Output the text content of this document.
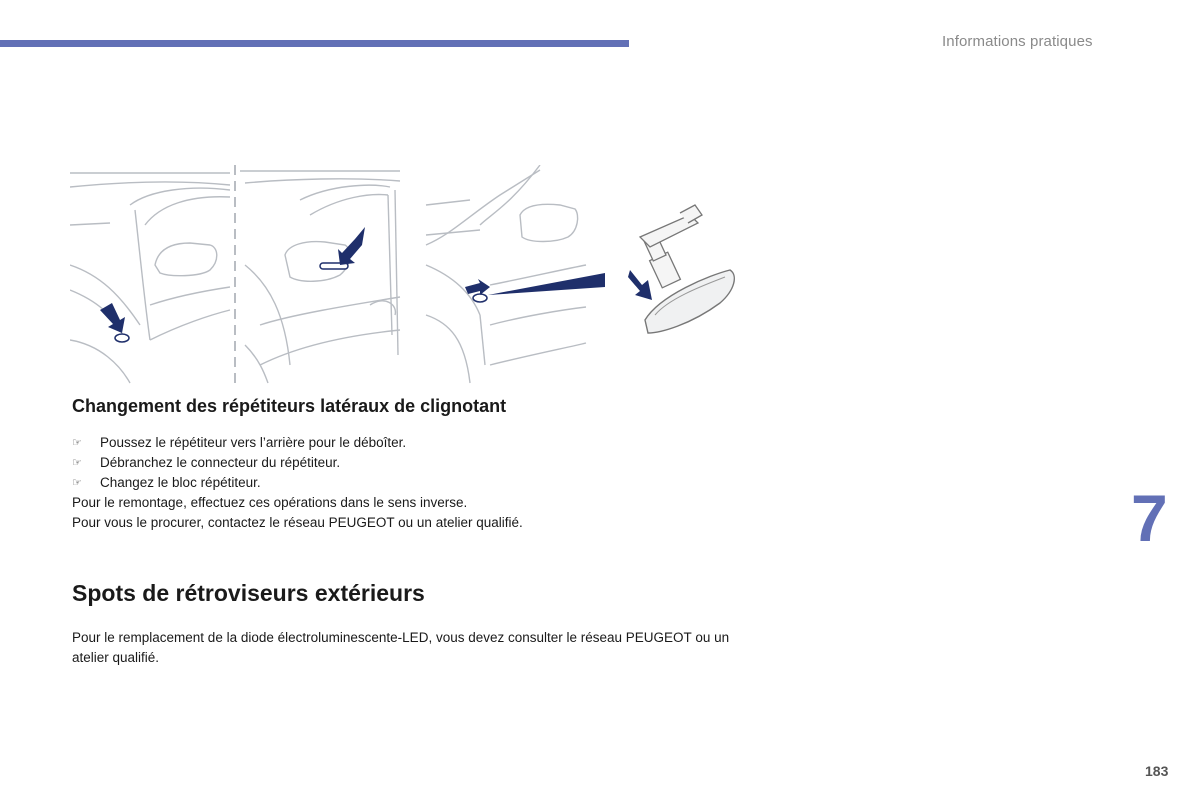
Informations pratiques
Changement des répétiteurs latéraux de clignotant
☞ Poussez le répétiteur vers l’arrière pour le déboîter.
☞ Débranchez le connecteur du répétiteur.
☞ Changez le bloc répétiteur.

Pour le remontage, effectuez ces opérations dans le sens inverse.

Pour vous le procurer, contactez le réseau PEUGEOT ou un atelier qualifié.	7
Spots de rétroviseurs extérieurs

Pour le remplacement de la diode électroluminescente-LED, vous devez consulter le réseau PEUGEOT ou un atelier qualifié.

183
